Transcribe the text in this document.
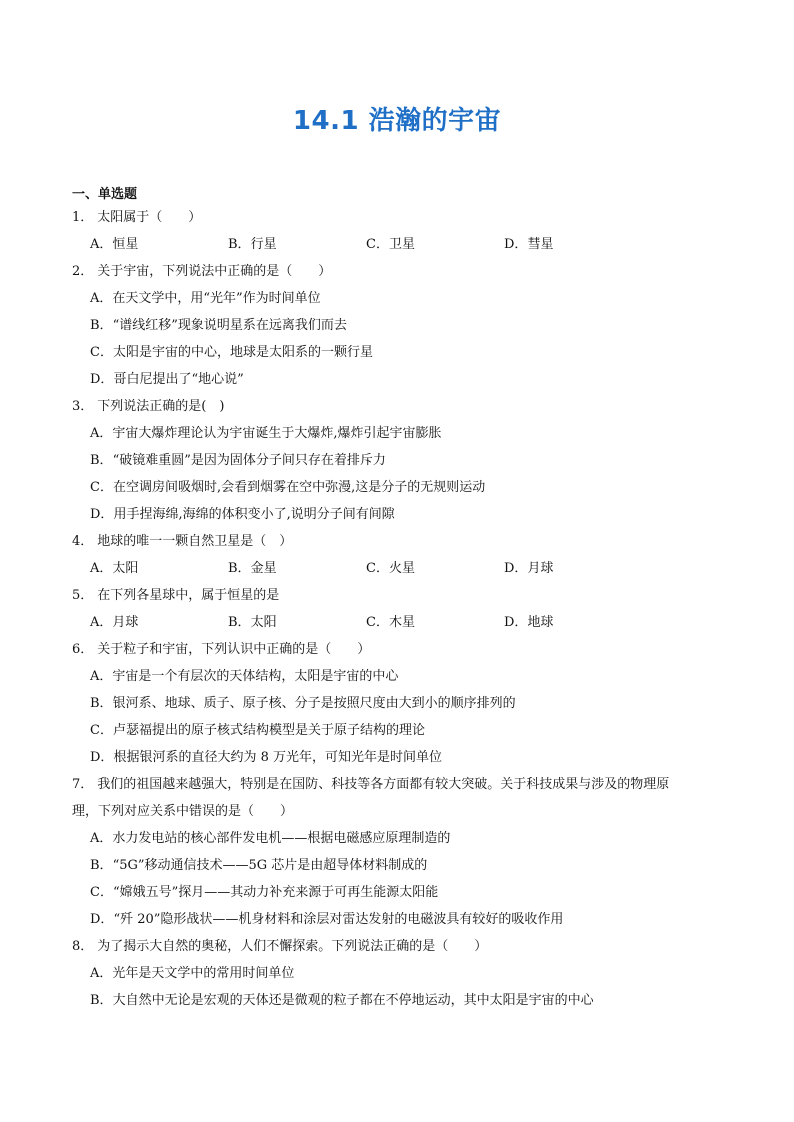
14.1 浩瀚的宇宙
一、单选题
1． 太阳属于（　　）
A．恒星	B．行星	C．卫星	D．彗星
2． 关于宇宙，下列说法中正确的是（　　）
A．在天文学中，用“光年”作为时间单位
B．“谱线红移”现象说明星系在远离我们而去
C．太阳是宇宙的中心，地球是太阳系的一颗行星
D．哥白尼提出了“地心说”
3． 下列说法正确的是(　)
A．宇宙大爆炸理论认为宇宙诞生于大爆炸,爆炸引起宇宙膨胀
B．“破镜难重圆”是因为固体分子间只存在着排斥力
C．在空调房间吸烟时,会看到烟雾在空中弥漫,这是分子的无规则运动
D．用手捏海绵,海绵的体积变小了,说明分子间有间隙
4． 地球的唯一一颗自然卫星是（　）
A．太阳	B．金星	C．火星	D．月球
5． 在下列各星球中，属于恒星的是
A．月球	B．太阳	C．木星	D．地球
6． 关于粒子和宇宙，下列认识中正确的是（　　）
A．宇宙是一个有层次的天体结构，太阳是宇宙的中心
B．银河系、地球、质子、原子核、分子是按照尺度由大到小的顺序排列的
C．卢瑟福提出的原子核式结构模型是关于原子结构的理论
D．根据银河系的直径大约为 8 万光年，可知光年是时间单位
7． 我们的祖国越来越强大，特别是在国防、科技等各方面都有较大突破。关于科技成果与涉及的物理原
理，下列对应关系中错误的是（　　）
A．水力发电站的核心部件发电机——根据电磁感应原理制造的
B．“5G”移动通信技术——5G 芯片是由超导体材料制成的
C．“嫦娥五号”探月——其动力补充来源于可再生能源太阳能
D．“歼 20”隐形战状——机身材料和涂层对雷达发射的电磁波具有较好的吸收作用
8． 为了揭示大自然的奥秘，人们不懈探索。下列说法正确的是（　　）
A．光年是天文学中的常用时间单位
B．大自然中无论是宏观的天体还是微观的粒子都在不停地运动，其中太阳是宇宙的中心
